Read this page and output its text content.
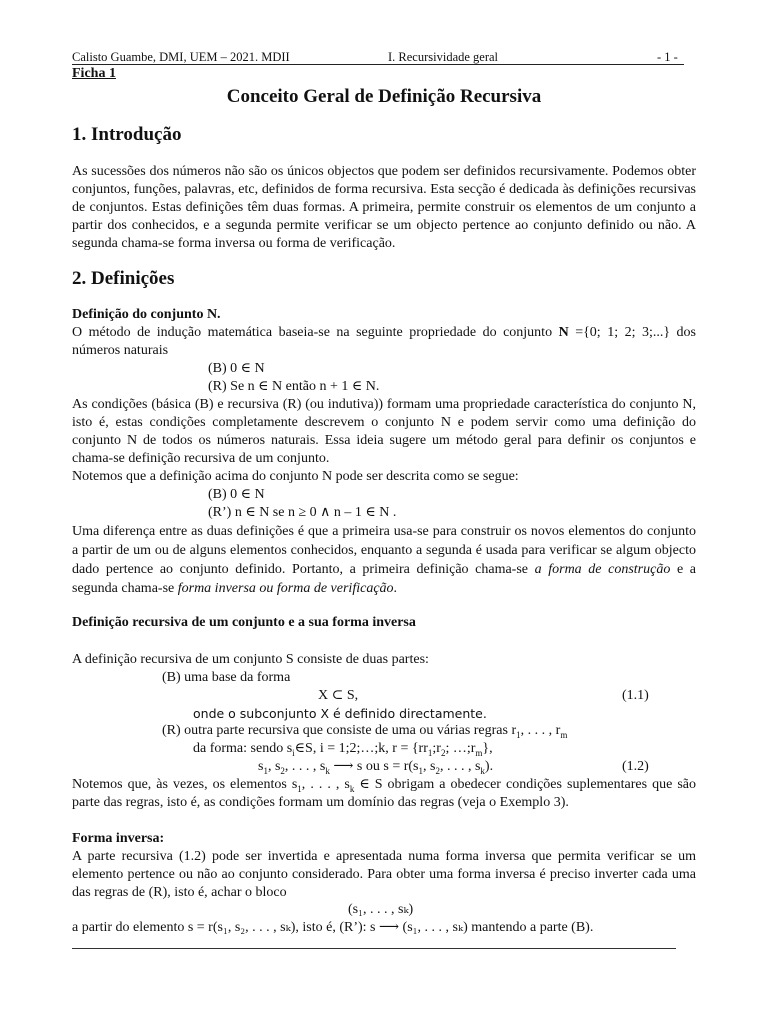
Calisto Guambe, DMI, UEM – 2021. MDII	I. Recursividade geral	- 1 -
Ficha 1
Conceito Geral de Definição Recursiva
1. Introdução
As sucessões dos números não são os únicos objectos que podem ser definidos recursivamente. Podemos obter conjuntos, funções, palavras, etc, definidos de forma recursiva. Esta secção é dedicada às definições recursivas de conjuntos. Estas definições têm duas formas. A primeira, permite construir os elementos de um conjunto a partir dos conhecidos, e a segunda permite verificar se um objecto pertence ao conjunto definido ou não. A segunda chama-se forma inversa ou forma de verificação.
2. Definições
Definição do conjunto N.
O método de indução matemática baseia-se na seguinte propriedade do conjunto N ={0; 1; 2; 3;...} dos números naturais
(B) 0 ∈ N
(R) Se n ∈ N então n + 1 ∈ N.
As condições (básica (B) e recursiva (R) (ou indutiva)) formam uma propriedade característica do conjunto N, isto é, estas condições completamente descrevem o conjunto N e podem servir como uma definição do conjunto N de todos os números naturais. Essa ideia sugere um método geral para definir os conjuntos e chama-se definição recursiva de um conjunto.
Notemos que a definição acima do conjunto N pode ser descrita como se segue:
(B) 0 ∈ N
(R’) n ∈ N se n ≥ 0 ∧ n – 1 ∈ N .
Uma diferença entre as duas definições é que a primeira usa-se para construir os novos elementos do conjunto a partir de um ou de alguns elementos conhecidos, enquanto a segunda é usada para verificar se algum objecto dado pertence ao conjunto definido. Portanto, a primeira definição chama-se a forma de construção e a segunda chama-se forma inversa ou forma de verificação.
Definição recursiva de um conjunto e a sua forma inversa
A definição recursiva de um conjunto S consiste de duas partes:
(B) uma base da forma
X ⊂ S,	(1.1)
onde o subconjunto X é definido directamente.
(R) outra parte recursiva que consiste de uma ou várias regras $r_1$, . . . , $r_m$
da forma: sendo $s_i\in S$, i = 1;2;…;k, $r = \{rr_1;r_2$; $\dots;r_m$},
$s_1$, $s_2$, . . . , $s_k$ ⟶ s ou $s = r(s_1$, $s_2$, . . . , $s_k$).	(1.2)
Notemos que, às vezes, os elementos $s_1$, . . . , $s_k$ ∈ S obrigam a obedecer condições suplementares que são parte das regras, isto é, as condições formam um domínio das regras (veja o Exemplo 3).
Forma inversa:
A parte recursiva (1.2) pode ser invertida e apresentada numa forma inversa que permita verificar se um elemento pertence ou não ao conjunto considerado. Para obter uma forma inversa é preciso inverter cada uma das regras de (R), isto é, achar o bloco
(s₁, . . . , sₖ)
a partir do elemento s = r(s₁, s₂, . . . , sₖ), isto é, (R’): s ⟶ (s₁, . . . , sₖ) mantendo a parte (B).
